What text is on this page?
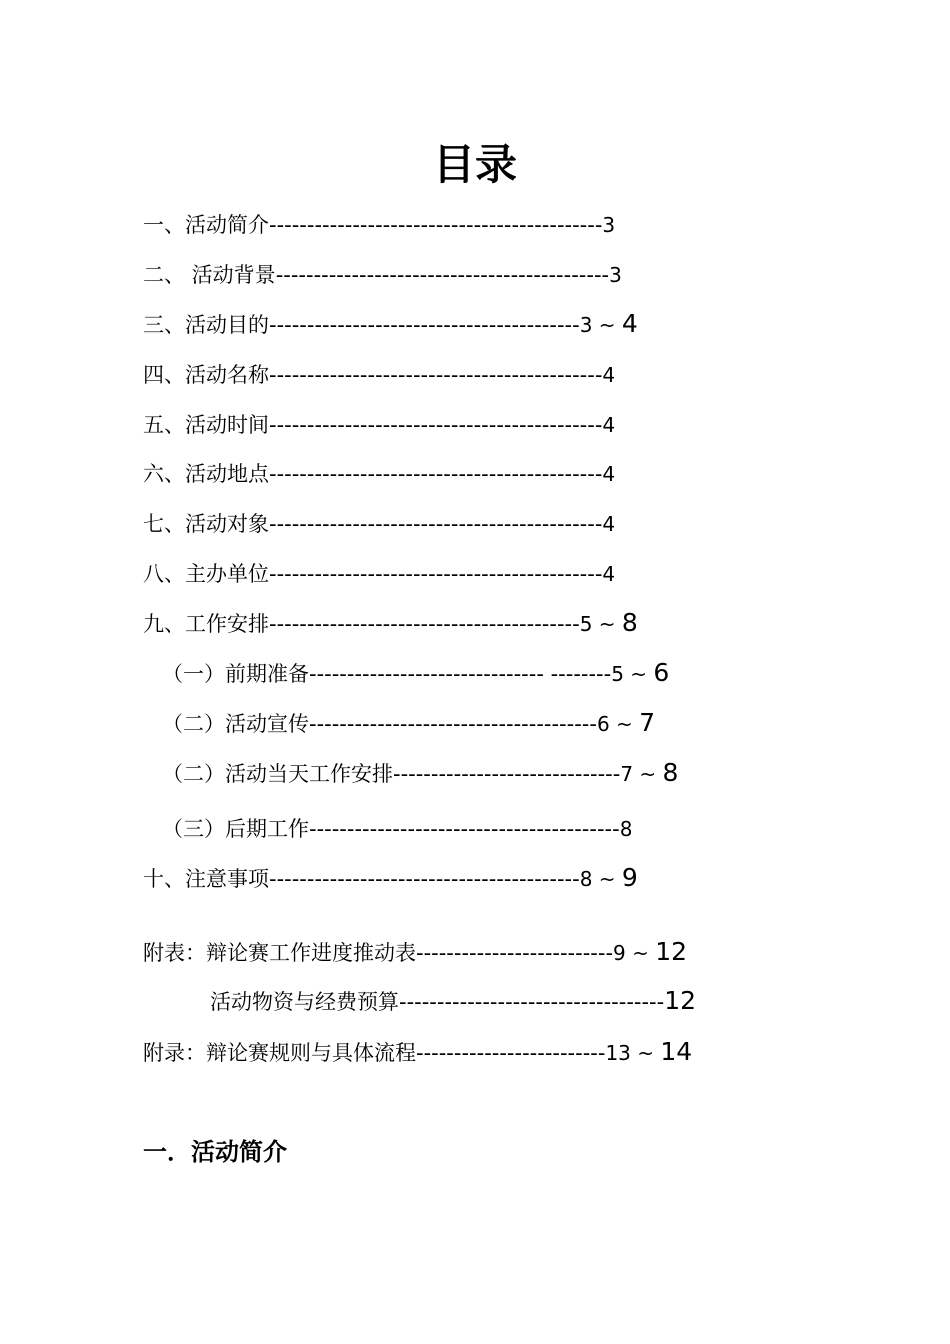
目录
一、活动简介--------------------------------------------3
二、 活动背景--------------------------------------------3
三、活动目的-----------------------------------------3 ~ 4
四、活动名称--------------------------------------------4
五、活动时间--------------------------------------------4
六、活动地点--------------------------------------------4
七、活动对象--------------------------------------------4
八、主办单位--------------------------------------------4
九、工作安排-----------------------------------------5 ~ 8
（一）前期准备------------------------------- --------5 ~ 6
（二）活动宣传--------------------------------------6 ~ 7
（二）活动当天工作安排------------------------------7 ~ 8
（三）后期工作-----------------------------------------8
十、注意事项-----------------------------------------8 ~ 9
附表：辩论赛工作进度推动表--------------------------9 ~ 12
活动物资与经费预算-----------------------------------12
附录：辩论赛规则与具体流程-------------------------13 ~ 14
一．活动简介
